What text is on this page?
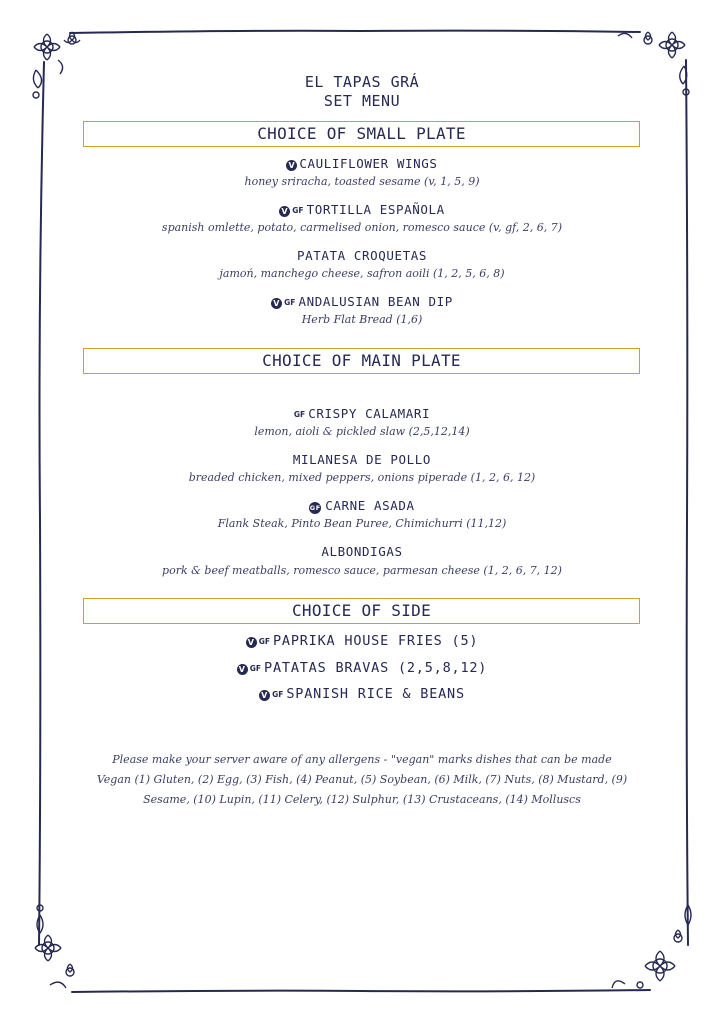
EL TAPAS GRÁ
SET MENU
CHOICE OF SMALL PLATE
V CAULIFLOWER WINGS
honey sriracha, toasted sesame (v, 1, 5, 9)
V GF TORTILLA ESPAÑOLA
spanish omlette, potato, carmelised onion, romesco sauce (v, gf, 2, 6, 7)
PATATA CROQUETAS
jamoń, manchego cheese, safron aoili (1, 2, 5, 6, 8)
V GF ANDALUSIAN BEAN DIP
Herb Flat Bread (1,6)
CHOICE OF MAIN PLATE
GF CRISPY CALAMARI
lemon, aioli & pickled slaw (2,5,12,14)
MILANESA DE POLLO
breaded chicken, mixed peppers, onions piperade (1, 2, 6, 12)
GF CARNE ASADA
Flank Steak, Pinto Bean Puree, Chimichurri (11,12)
ALBONDIGAS
pork & beef meatballs, romesco sauce, parmesan cheese (1, 2, 6, 7, 12)
CHOICE OF SIDE
V GF PAPRIKA HOUSE FRIES (5)
V GF PATATAS BRAVAS (2,5,8,12)
V GF SPANISH RICE & BEANS
Please make your server aware of any allergens - "vegan" marks dishes that can be made Vegan (1) Gluten, (2) Egg, (3) Fish, (4) Peanut, (5) Soybean, (6) Milk, (7) Nuts, (8) Mustard, (9) Sesame, (10) Lupin, (11) Celery, (12) Sulphur, (13) Crustaceans, (14) Molluscs
